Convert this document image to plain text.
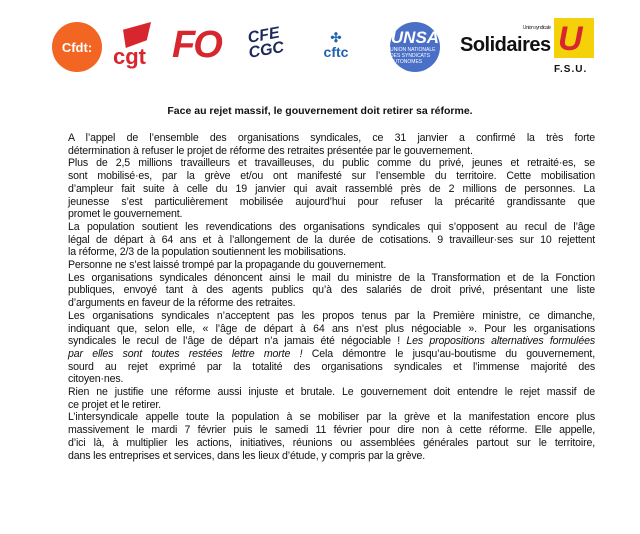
Cfdt: cgt FO	CFE CGC
✣
cftc
UNSA
UNION NATIONALE DES SYNDICATS AUTONOMES
Union syndicale
Solidaires U
F.S.U.
Face au rejet massif, le gouvernement doit retirer sa réforme.

A l’appel de l’ensemble des organisations syndicales, ce 31 janvier a confirmé la très forte
détermination à refuser le projet de réforme des retraites présentée par le gouvernement.

Plus de 2,5 millions travailleurs et travailleuses, du public comme du privé, jeunes et retraité·es, se
sont mobilisé·es, par la grève et/ou ont manifesté sur l’ensemble du territoire. Cette mobilisation
d’ampleur fait suite à celle du 19 janvier qui avait rassemblé près de 2 millions de personnes. La
jeunesse s’est particulièrement mobilisée aujourd’hui pour refuser la précarité grandissante que
promet le gouvernement.

La population soutient les revendications des organisations syndicales qui s’opposent au recul de l’âge
légal de départ à 64 ans et à l’allongement de la durée de cotisations. 9 travailleur·ses sur 10 rejettent
la réforme, 2/3 de la population soutiennent les mobilisations.

Personne ne s’est laissé trompé par la propagande du gouvernement.

Les organisations syndicales dénoncent ainsi le mail du ministre de la Transformation et de la Fonction
publiques, envoyé tant à des agents publics qu’à des salariés de droit privé, présentant une liste
d’arguments en faveur de la réforme des retraites.

Les organisations syndicales n’acceptent pas les propos tenus par la Première ministre, ce dimanche,
indiquant que, selon elle, « l’âge de départ à 64 ans n’est plus négociable ». Pour les organisations
syndicales le recul de l’âge de départ n’a jamais été négociable ! Les propositions alternatives formulées
par elles sont toutes restées lettre morte ! Cela démontre le jusqu’au-boutisme du gouvernement,
sourd au rejet exprimé par la totalité des organisations syndicales et l’immense majorité des
citoyen·nes.

Rien ne justifie une réforme aussi injuste et brutale. Le gouvernement doit entendre le rejet massif de
ce projet et le retirer.

L’intersyndicale appelle toute la population à se mobiliser par la grève et la manifestation encore plus
massivement le mardi 7 février puis le samedi 11 février pour dire non à cette réforme. Elle appelle,
d’ici là, à multiplier les actions, initiatives, réunions ou assemblées générales partout sur le territoire,
dans les entreprises et services, dans les lieux d’étude, y compris par la grève.
